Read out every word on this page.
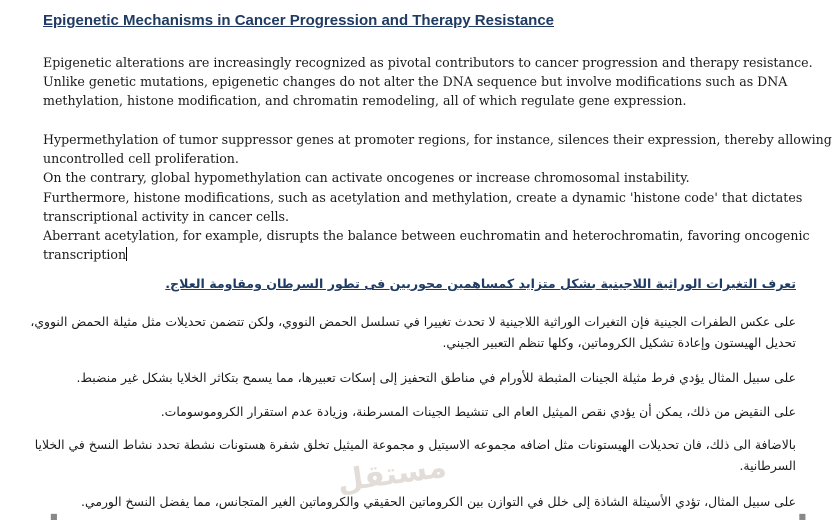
Epigenetic Mechanisms in Cancer Progression and Therapy Resistance
Epigenetic alterations are increasingly recognized as pivotal contributors to cancer progression and therapy resistance.
Unlike genetic mutations, epigenetic changes do not alter the DNA sequence but involve modifications such as DNA
methylation, histone modification, and chromatin remodeling, all of which regulate gene expression.
Hypermethylation of tumor suppressor genes at promoter regions, for instance, silences their expression, thereby allowing
uncontrolled cell proliferation.
On the contrary, global hypomethylation can activate oncogenes or increase chromosomal instability.
Furthermore, histone modifications, such as acetylation and methylation, create a dynamic 'histone code' that dictates
transcriptional activity in cancer cells.
Aberrant acetylation, for example, disrupts the balance between euchromatin and heterochromatin, favoring oncogenic
transcription
تعرف التغيرات الوراثية اللاجينية بشكل متزايد كمساهمين محوريين فى تطور السرطان ومقاومة العلاج.
على عكس الطفرات الجينية فإن التغيرات الوراثية اللاجينية لا تحدث تغييرا في تسلسل الحمض النووي، ولكن تتضمن تحديلات مثل مثيلة الحمض النووي، تحديل الهيستون وإعادة تشكيل الكروماتين، وكلها تنظم التعبير الجيني.
على سبيل المثال يؤدي فرط مثيلة الجينات المثبطة للأورام في مناطق التحفيز إلى إسكات تعبيرها، مما يسمح بتكاثر الخلايا بشكل غير منضبط.
على النقيض من ذلك، يمكن أن يؤدي نقص الميثيل العام الى تنشيط الجينات المسرطنة، وزيادة عدم استقرار الكروموسومات.
بالاضافة الى ذلك، فان تحديلات الهيستونات مثل اضافه مجموعه الاسيتيل و مجموعة الميثيل تخلق شفرة هستونات نشطة تحدد نشاط النسخ في الخلايا السرطانية.
على سبيل المثال، تؤدي الأسيتلة الشاذة إلى خلل في التوازن بين الكروماتين الحقيقي والكروماتين الغير المتجانس، مما يفضل النسخ الورمي.
مستقل
■	■
